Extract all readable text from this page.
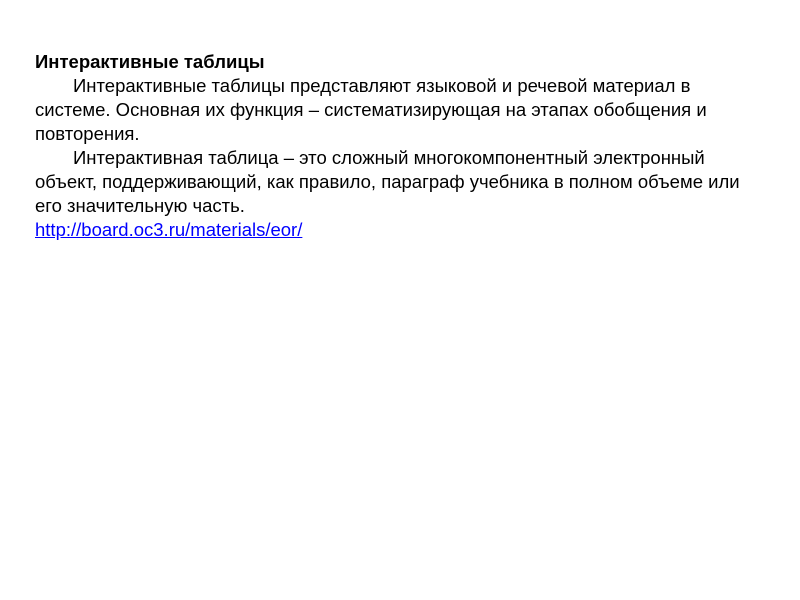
Интерактивные таблицы

Интерактивные таблицы представляют языковой и речевой материал в системе. Основная их функция – систематизирующая на этапах обобщения и повторения.

Интерактивная таблица – это сложный многокомпонентный электронный объект, поддерживающий, как правило, параграф учебника в полном объеме или его значительную часть.

http://board.oc3.ru/materials/eor/
